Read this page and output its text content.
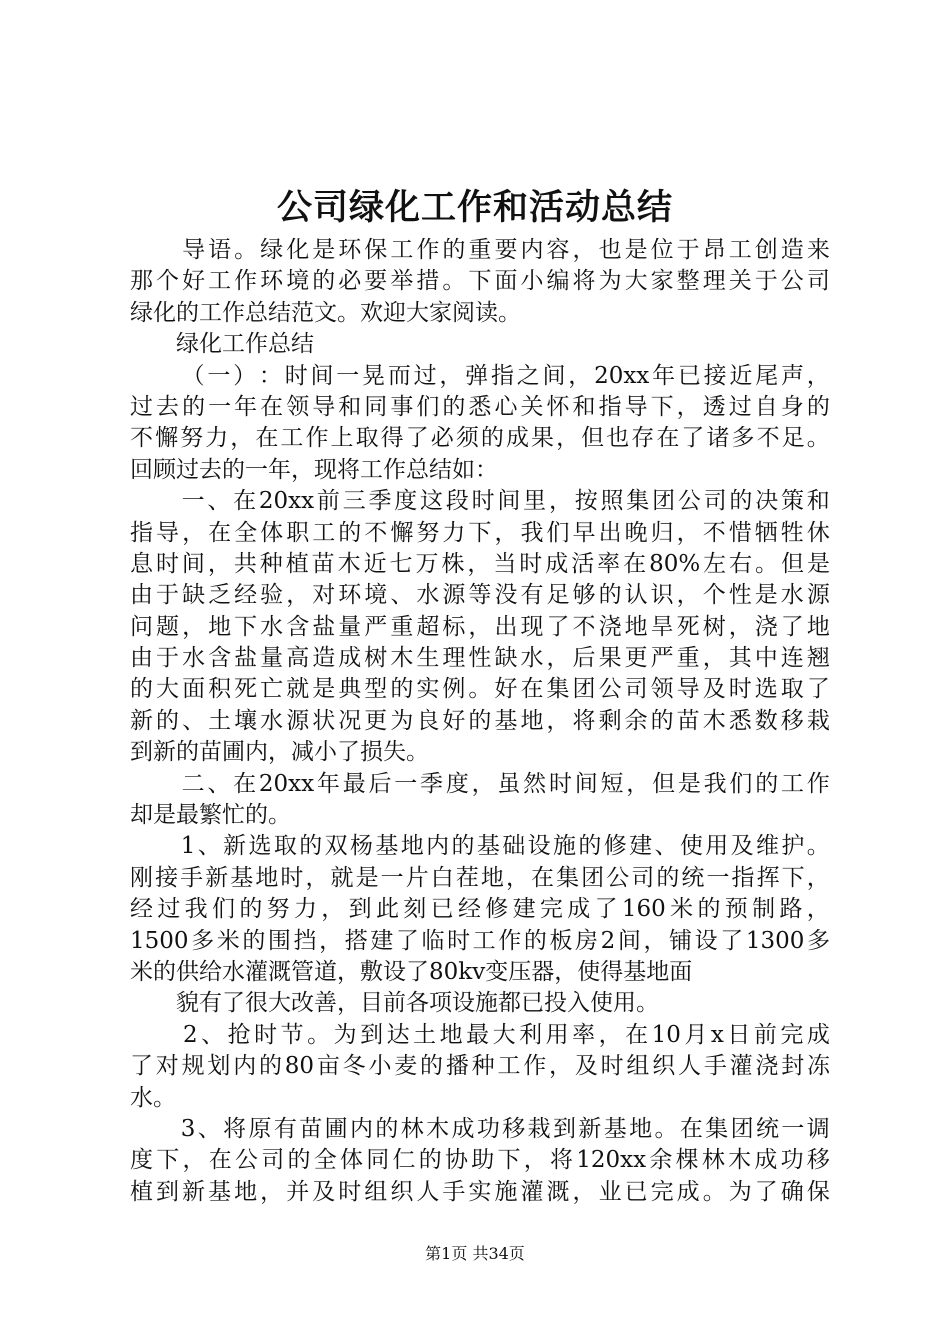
公司绿化工作和活动总结

导 语 。 绿 化 是 环 保 工 作 的 重 要 内 容 ， 也 是 位 于 昂 工 创 造 来
那 个 好 工 作 环 境 的 必 要 举 措 。 下 面 小 编 将 为 大 家 整 理 关 于 公 司
绿化的工作总结范文。欢迎大家阅读。
　　绿化工作总结

（ 一 ） ： 时 间 一 晃 而 过 ， 弹 指 之 间 ， 20xx 年 已 接 近 尾 声 ，
过 去 的 一 年 在 领 导 和 同 事 们 的 悉 心 关 怀 和 指 导 下 ， 透 过 自 身 的
不 懈 努 力 ， 在 工 作 上 取 得 了 必 须 的 成 果 ， 但 也 存 在 了 诸 多 不 足 。
回顾过去的一年，现将工作总结如：

一 、 在 20xx 前 三 季 度 这 段 时 间 里 ， 按 照 集 团 公 司 的 决 策 和
指 导 ， 在 全 体 职 工 的 不 懈 努 力 下 ， 我 们 早 出 晚 归 ， 不 惜 牺 牲 休
息 时 间 ， 共 种 植 苗 木 近 七 万 株 ， 当 时 成 活 率 在 80% 左 右 。 但 是
由 于 缺 乏 经 验 ， 对 环 境 、 水 源 等 没 有 足 够 的 认 识 ， 个 性 是 水 源
问 题 ， 地 下 水 含 盐 量 严 重 超 标 ， 出 现 了 不 浇 地 旱 死 树 ， 浇 了 地
由 于 水 含 盐 量 高 造 成 树 木 生 理 性 缺 水 ， 后 果 更 严 重 ， 其 中 连 翘
的 大 面 积 死 亡 就 是 典 型 的 实 例 。 好 在 集 团 公 司 领 导 及 时 选 取 了
新 的 、 土 壤 水 源 状 况 更 为 良 好 的 基 地 ， 将 剩 余 的 苗 木 悉 数 移 栽
到新的苗圃内，减小了损失。

二 、 在 20xx 年 最 后 一 季 度 ， 虽 然 时 间 短 ， 但 是 我 们 的 工 作
却是最繁忙的。

1 、 新 选 取 的 双 杨 基 地 内 的 基 础 设 施 的 修 建 、 使 用 及 维 护 。
刚 接 手 新 基 地 时 ， 就 是 一 片 白 茬 地 ， 在 集 团 公 司 的 统 一 指 挥 下 ，
经 过 我 们 的 努 力 ， 到 此 刻 已 经 修 建 完 成 了 160 米 的 预 制 路 ，
1500 多 米 的 围 挡 ， 搭 建 了 临 时 工 作 的 板 房 2 间 ， 铺 设 了 1300 多
米的供给水灌溉管道，敷设了80kv变压器，使得基地面
　　貌有了很大改善，目前各项设施都已投入使用。

2 、 抢 时 节 。 为 到 达 土 地 最 大 利 用 率 ， 在 10 月 x 日 前 完 成
了 对 规 划 内 的 80 亩 冬 小 麦 的 播 种 工 作 ， 及 时 组 织 人 手 灌 浇 封 冻
水。

3 、 将 原 有 苗 圃 内 的 林 木 成 功 移 栽 到 新 基 地 。 在 集 团 统 一 调
度 下 ， 在 公 司 的 全 体 同 仁 的 协 助 下 ， 将 120xx 余 棵 林 木 成 功 移
植 到 新 基 地 ， 并 及 时 组 织 人 手 实 施 灌 溉 ， 业 已 完 成 。 为 了 确 保
第1页 共34页
